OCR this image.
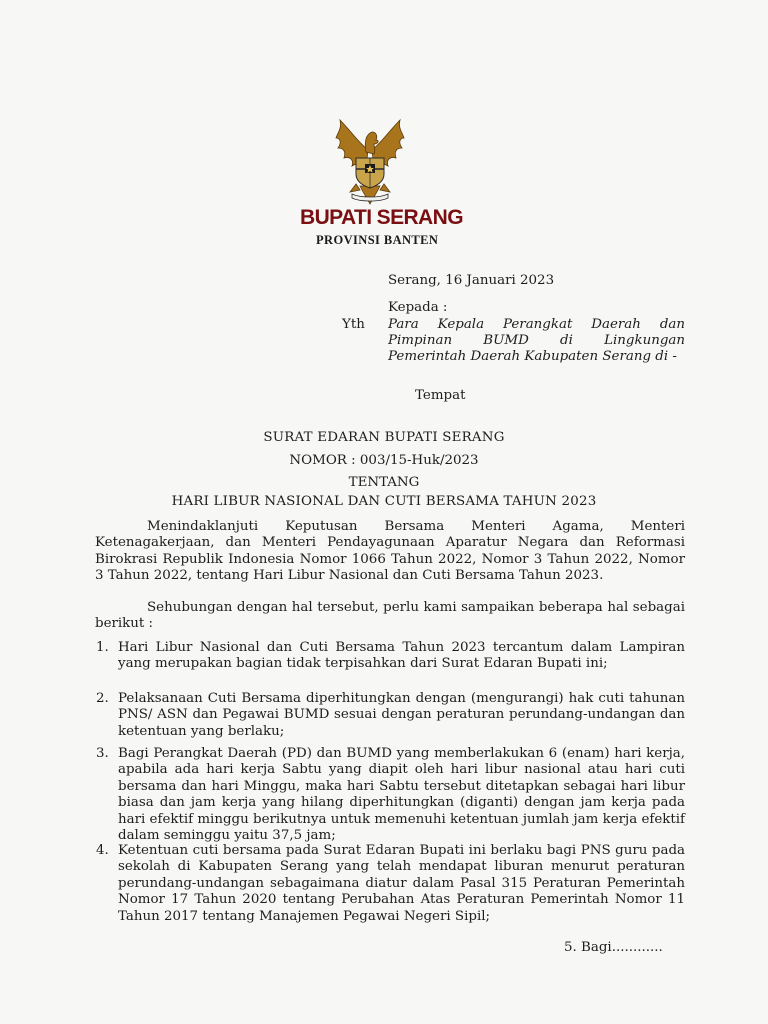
BUPATI SERANG
PROVINSI BANTEN
Serang, 16 Januari 2023
Kepada :
Yth Para Kepala Perangkat Daerah dan Pimpinan BUMD di Lingkungan Pemerintah Daerah Kabupaten Serang di -
Tempat
SURAT EDARAN BUPATI SERANG
NOMOR : 003/15-Huk/2023
TENTANG
HARI LIBUR NASIONAL DAN CUTI BERSAMA TAHUN 2023
Menindaklanjuti Keputusan Bersama Menteri Agama, Menteri Ketenagakerjaan, dan Menteri Pendayagunaan Aparatur Negara dan Reformasi Birokrasi Republik Indonesia Nomor 1066 Tahun 2022, Nomor 3 Tahun 2022, Nomor 3 Tahun 2022, tentang Hari Libur Nasional dan Cuti Bersama Tahun 2023.
Sehubungan dengan hal tersebut, perlu kami sampaikan beberapa hal sebagai berikut :
1. Hari Libur Nasional dan Cuti Bersama Tahun 2023 tercantum dalam Lampiran yang merupakan bagian tidak terpisahkan dari Surat Edaran Bupati ini;
2. Pelaksanaan Cuti Bersama diperhitungkan dengan (mengurangi) hak cuti tahunan PNS/ ASN dan Pegawai BUMD sesuai dengan peraturan perundang-undangan dan ketentuan yang berlaku;
3. Bagi Perangkat Daerah (PD) dan BUMD yang memberlakukan 6 (enam) hari kerja, apabila ada hari kerja Sabtu yang diapit oleh hari libur nasional atau hari cuti bersama dan hari Minggu, maka hari Sabtu tersebut ditetapkan sebagai hari libur biasa dan jam kerja yang hilang diperhitungkan (diganti) dengan jam kerja pada hari efektif minggu berikutnya untuk memenuhi ketentuan jumlah jam kerja efektif dalam seminggu yaitu 37,5 jam;
4. Ketentuan cuti bersama pada Surat Edaran Bupati ini berlaku bagi PNS guru pada sekolah di Kabupaten Serang yang telah mendapat liburan menurut peraturan perundang-undangan sebagaimana diatur dalam Pasal 315 Peraturan Pemerintah Nomor 17 Tahun 2020 tentang Perubahan Atas Peraturan Pemerintah Nomor 11 Tahun 2017 tentang Manajemen Pegawai Negeri Sipil;
5. Bagi............
